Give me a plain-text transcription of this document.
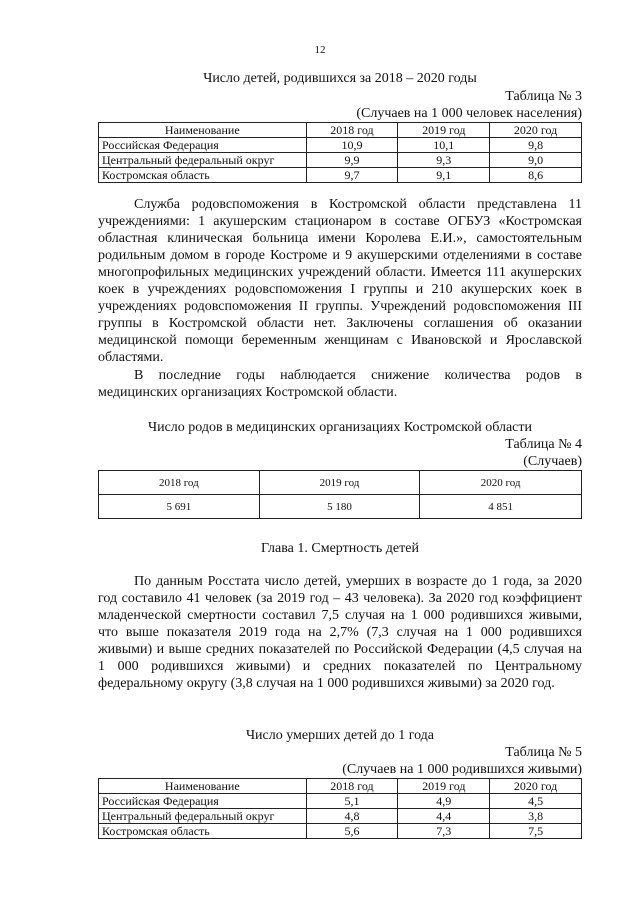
12
Число детей, родившихся за 2018 – 2020 годы
Таблица № 3
(Случаев на 1 000 человек населения)
Наименование	2018 год	2019 год	2020 год
Российская Федерация	10,9	10,1	9,8
Центральный федеральный округ	9,9	9,3	9,0
Костромская область	9,7	9,1	8,6

Служба родовспоможения в Костромской области представлена 11 учреждениями: 1 акушерским стационаром в составе ОГБУЗ «Костромская областная клиническая больница имени Королева Е.И.», самостоятельным родильным домом в городе Костроме и 9 акушерскими отделениями в составе многопрофильных медицинских учреждений области. Имеется 111 акушерских коек в учреждениях родовспоможения I группы и 210 акушерских коек в учреждениях родовспоможения II группы. Учреждений родовспоможения III группы в Костромской области нет. Заключены соглашения об оказании медицинской помощи беременным женщинам с Ивановской и Ярославской областями.

В последние годы наблюдается снижение количества родов в медицинских организациях Костромской области.

Число родов в медицинских организациях Костромской области
Таблица № 4
(Случаев)
2018 год	2019 год	2020 год
5 691	5 180	4 851
Глава 1. Смертность детей

По данным Росстата число детей, умерших в возрасте до 1 года, за 2020 год составило 41 человек (за 2019 год – 43 человека). За 2020 год коэффициент младенческой смертности составил 7,5 случая на 1 000 родившихся живыми, что выше показателя 2019 года на 2,7% (7,3 случая на 1 000 родившихся живыми) и выше средних показателей по Российской Федерации (4,5 случая на 1 000 родившихся живыми) и средних показателей по Центральному федеральному округу (3,8 случая на 1 000 родившихся живыми) за 2020 год.

Число умерших детей до 1 года
Таблица № 5
(Случаев на 1 000 родившихся живыми)
Наименование	2018 год	2019 год	2020 год
Российская Федерация	5,1	4,9	4,5
Центральный федеральный округ	4,8	4,4	3,8
Костромская область	5,6	7,3	7,5
